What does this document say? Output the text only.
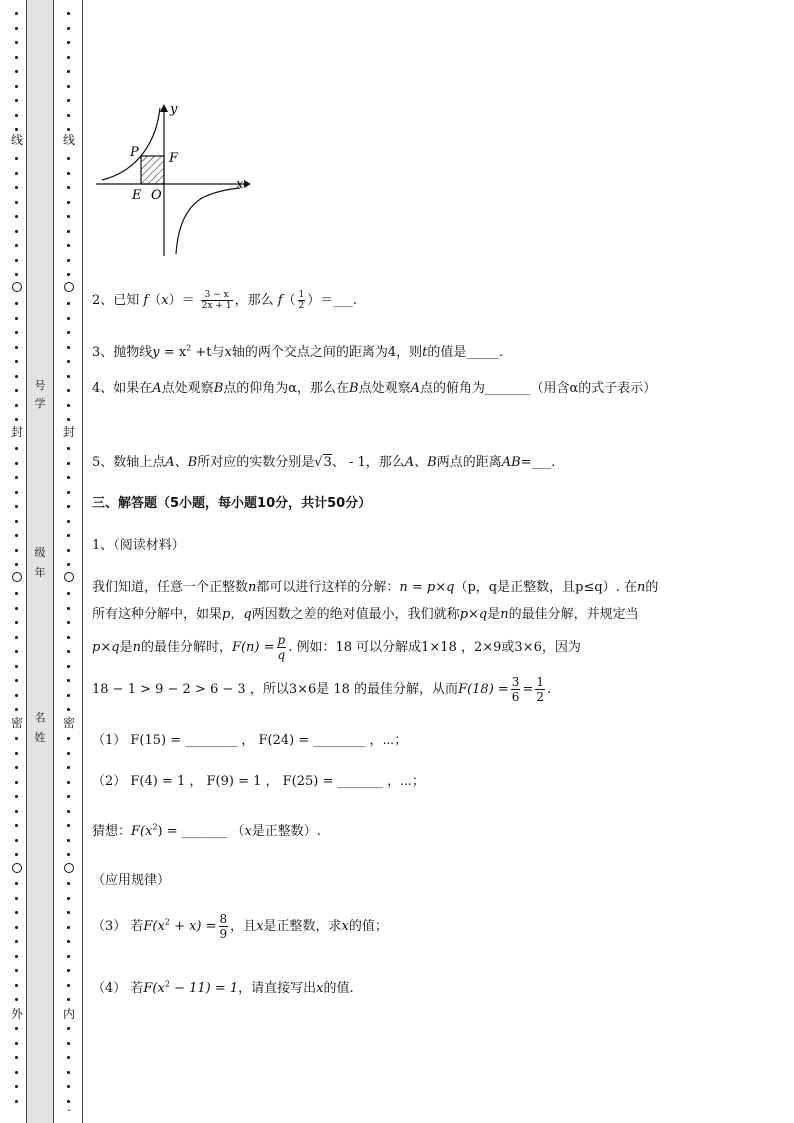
线
封
密
外
号
学
级
年
名
姓
线
封
密
内
-
y
x
P F
E O
2、已知 $f(x)= \frac{3 - x}{2x + 1}$ ，那么 $f( \frac{1}{2}$ ）＝___.
3、抛物线$y = x^2 +t$与x轴的两个交点之间的距离为4，则t的值是_____.
4、如果在A点处观察B点的仰角为α，那么在B点处观察A点的俯角为_______（用含α的式子表示）
5、数轴上点A、B所对应的实数分别是√3、 - 1，那么A、B两点的距离AB=___.
三、解答题（5小题，每小题10分，共计50分）
1、（阅读材料）
我们知道，任意一个正整数n都可以进行这样的分解：n = p×q（p，q是正整数，且p≤q）. 在n的
所有这种分解中，如果p，q两因数之差的绝对值最小，我们就称p×q是n的最佳分解，并规定当
p×q是n的最佳分解时，$F(n) = \frac{p}{q}$ . 例如：18 可以分解成1×18 ，2×9或3×6，因为
18 − 1 > 9 − 2 > 6 − 3 ，所以3×6是 18 的最佳分解，从而$F(18) = \frac{3}{6} = \frac{1}{2}$ .
（1） F(15) = ________ ， F(24) = ________ ，⋯；
（2） F(4) = 1 ， F(9) = 1 ， F(25) = _______ ，⋯；
猜想：$F(x^2)$ = _______ （x是正整数）.
（应用规律）
（3） 若$F(x^2 + x) = \frac{8}{9}$ ，且x是正整数，求x的值；
（4） 若$F(x^2 - 11) = 1$，请直接写出x的值.
